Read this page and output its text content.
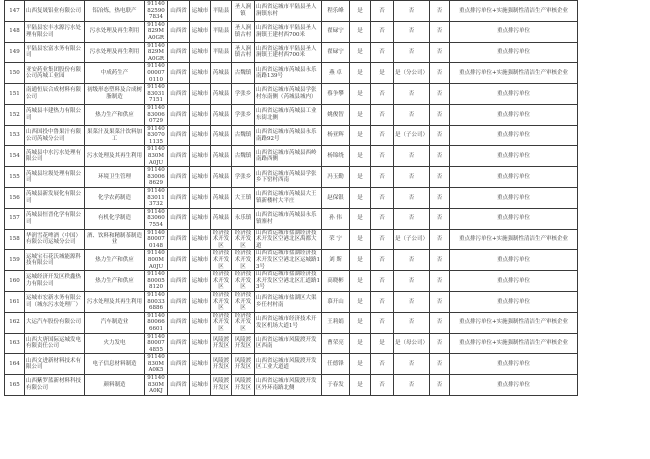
147	山西复晟铝业有限公司	铝冶炼，热电联产	91140825907834	山西省	运城市	平陆县	圣人涧镇	山西省运城市平陆县圣人涧镇东村	程乐峰	是	否	否	否	重点排污单位+实施强制性清洁生产审核企业
148	平陆县宏丰水源污水处理有限公司	污水处理及再生利用	91140829MA0GR	山西省	运城市	平陆县	圣人涧镇古村	山西省运城市平陆县圣人涧镇王建村西700米	翟碌宁	是	否	否	否	重点排污单位
149	平陆县宏富水务有限公司	污水处理及再生利用	91140829MA0GR	山西省	运城市	平陆县	圣人涧镇古村	山西省运城市平陆县圣人涧镇王建村西700米	翟碌宁	是	否	否	否	重点排污单位
150	亚安药业集团股份有限公司芮城工业园	中成药生产	91140000070110	山西省	运城市	芮城县	古魏镇	山西省运城市芮城县永乐南路139号	燕 卓	是	是	是（分公司）	否	重点排污单位+实施强制性清洁生产审核企业
151	南通恒辰合成材料有限公司	初级形态塑料及合成树脂制造	91140830317151	山西省	运城市	芮城县	学张乡	山西省运城市芮城县学张村东南侧（芮城县城内）	蔡争攀	是	否	否	否	重点排污单位
152	芮城县丰建热力有限公司	热力生产和供应	91140830060729	山西省	运城市	芮城县	学张乡	山西省运城市芮城县工业东街北侧	姚俊智	是	否	否	否	重点排污单位
153	山西国投中鲁果汁有限公司芮城分公司	果菜汁及果菜汁饮料加工	91140830701135	山西省	运城市	芮城县	古魏镇	山西省运城市芮城县永乐南路92号	杨亚辉	是	否	是（子公司）	否	重点排污单位
154	芮城县中水污水处理有限公司	污水处理及其再生利用	91140830MA0JU	山西省	运城市	芮城县	古魏镇	山西省运城市芮城县西岭南路西侧	杨锦绕	是	否	否	否	重点排污单位
155	芮城县垃圾处理有限公司	环境卫生管理	91140830068629	山西省	运城市	芮城县	学张乡	山西省运城市芮城县学张乡下窑村西南	冯玉勤	是	否	否	否	重点排污单位
156	芮城县新发展化有限公司	化学农药制造	91140830113732	山西省	运城市	芮城县	大王镇	山西省运城市芮城县大王镇新楼村大平庄	赵保银	是	否	否	否	重点排污单位
157	芮城县恒晋化学有限公司	有机化学制造	91140830607554	山西省	运城市	芮城县	永乐镇	山西省运城市芮城县永乐镇寨村	孙 伟	是	否	否	否	重点排污单位
158	华润雪花啤酒（中国）有限公司运城分公司	酒、饮料和精制茶制造业	91140800070148	山西省	运城市	经济技术开发区	经济技术开发区	山西省运城市盐湖经济技术开发区空港北区禹都大道	荣 宁	是	否	是（子公司）	否	重点排污单位+实施强制性清洁生产审核企业
159	运城宝石花沃城能源科技有限公司	热力生产和供应	91140800MA0JU	山西省	运城市	经济技术开发区	经济技术开发区	山西省运城市盐湖经济技术开发区空港北区运城路13号	刘 斯	是	否	否	否	重点排污单位
160	运城经济开发区秩鑫热力有限公司	热力生产和供应	91140800058120	山西省	运城市	经济技术开发区	经济技术开发区	山西省运城市盐湖经济技术开发区空港北区汇道路13号	高晓彬	是	否	否	否	重点排污单位
161	运城市宏新水务有限公司（城东污水处理厂）	污水处理及其再生利用	91140800336886	山西省	运城市	经济技术开发区	经济技术开发区	山西省运城市盐湖区大渠乡任村村南	慕开山	是	否	否	否	重点排污单位
162	大运汽车股份有限公司	汽车制造业	91140800666601	山西省	运城市	经济技术开发区	经济技术开发区	山西省运城市经济技术开发区机场大道1号	王莉娟	是	否	否	否	重点排污单位+实施强制性清洁生产审核企业
163	山西大唐国际运城发电有限责任公司	火力发电	91140800074855	山西省	运城市	风陵渡开发区	风陵渡开发区	山西省运城市风陵渡开发区西南	曹荣亮	是	是	是（母公司）	否	重点排污单位+实施强制性清洁生产审核企业
164	山西文进新材料技术有限公司	电子信息材料制造	91140830MA0K5	山西省	运城市	风陵渡开发区	风陵渡开发区	山西省运城市风陵渡开发区工业大道道	任德锋	是	否	否	否	重点排污单位
165	山西紫罗蓝新材料科技有限公司	颜料制造	91140830MA0KJ	山西省	运城市	风陵渡开发区	风陵渡开发区	山西省运城市风陵渡开发区外环南路北侧	于春发	是	否	否	否	重点排污单位
